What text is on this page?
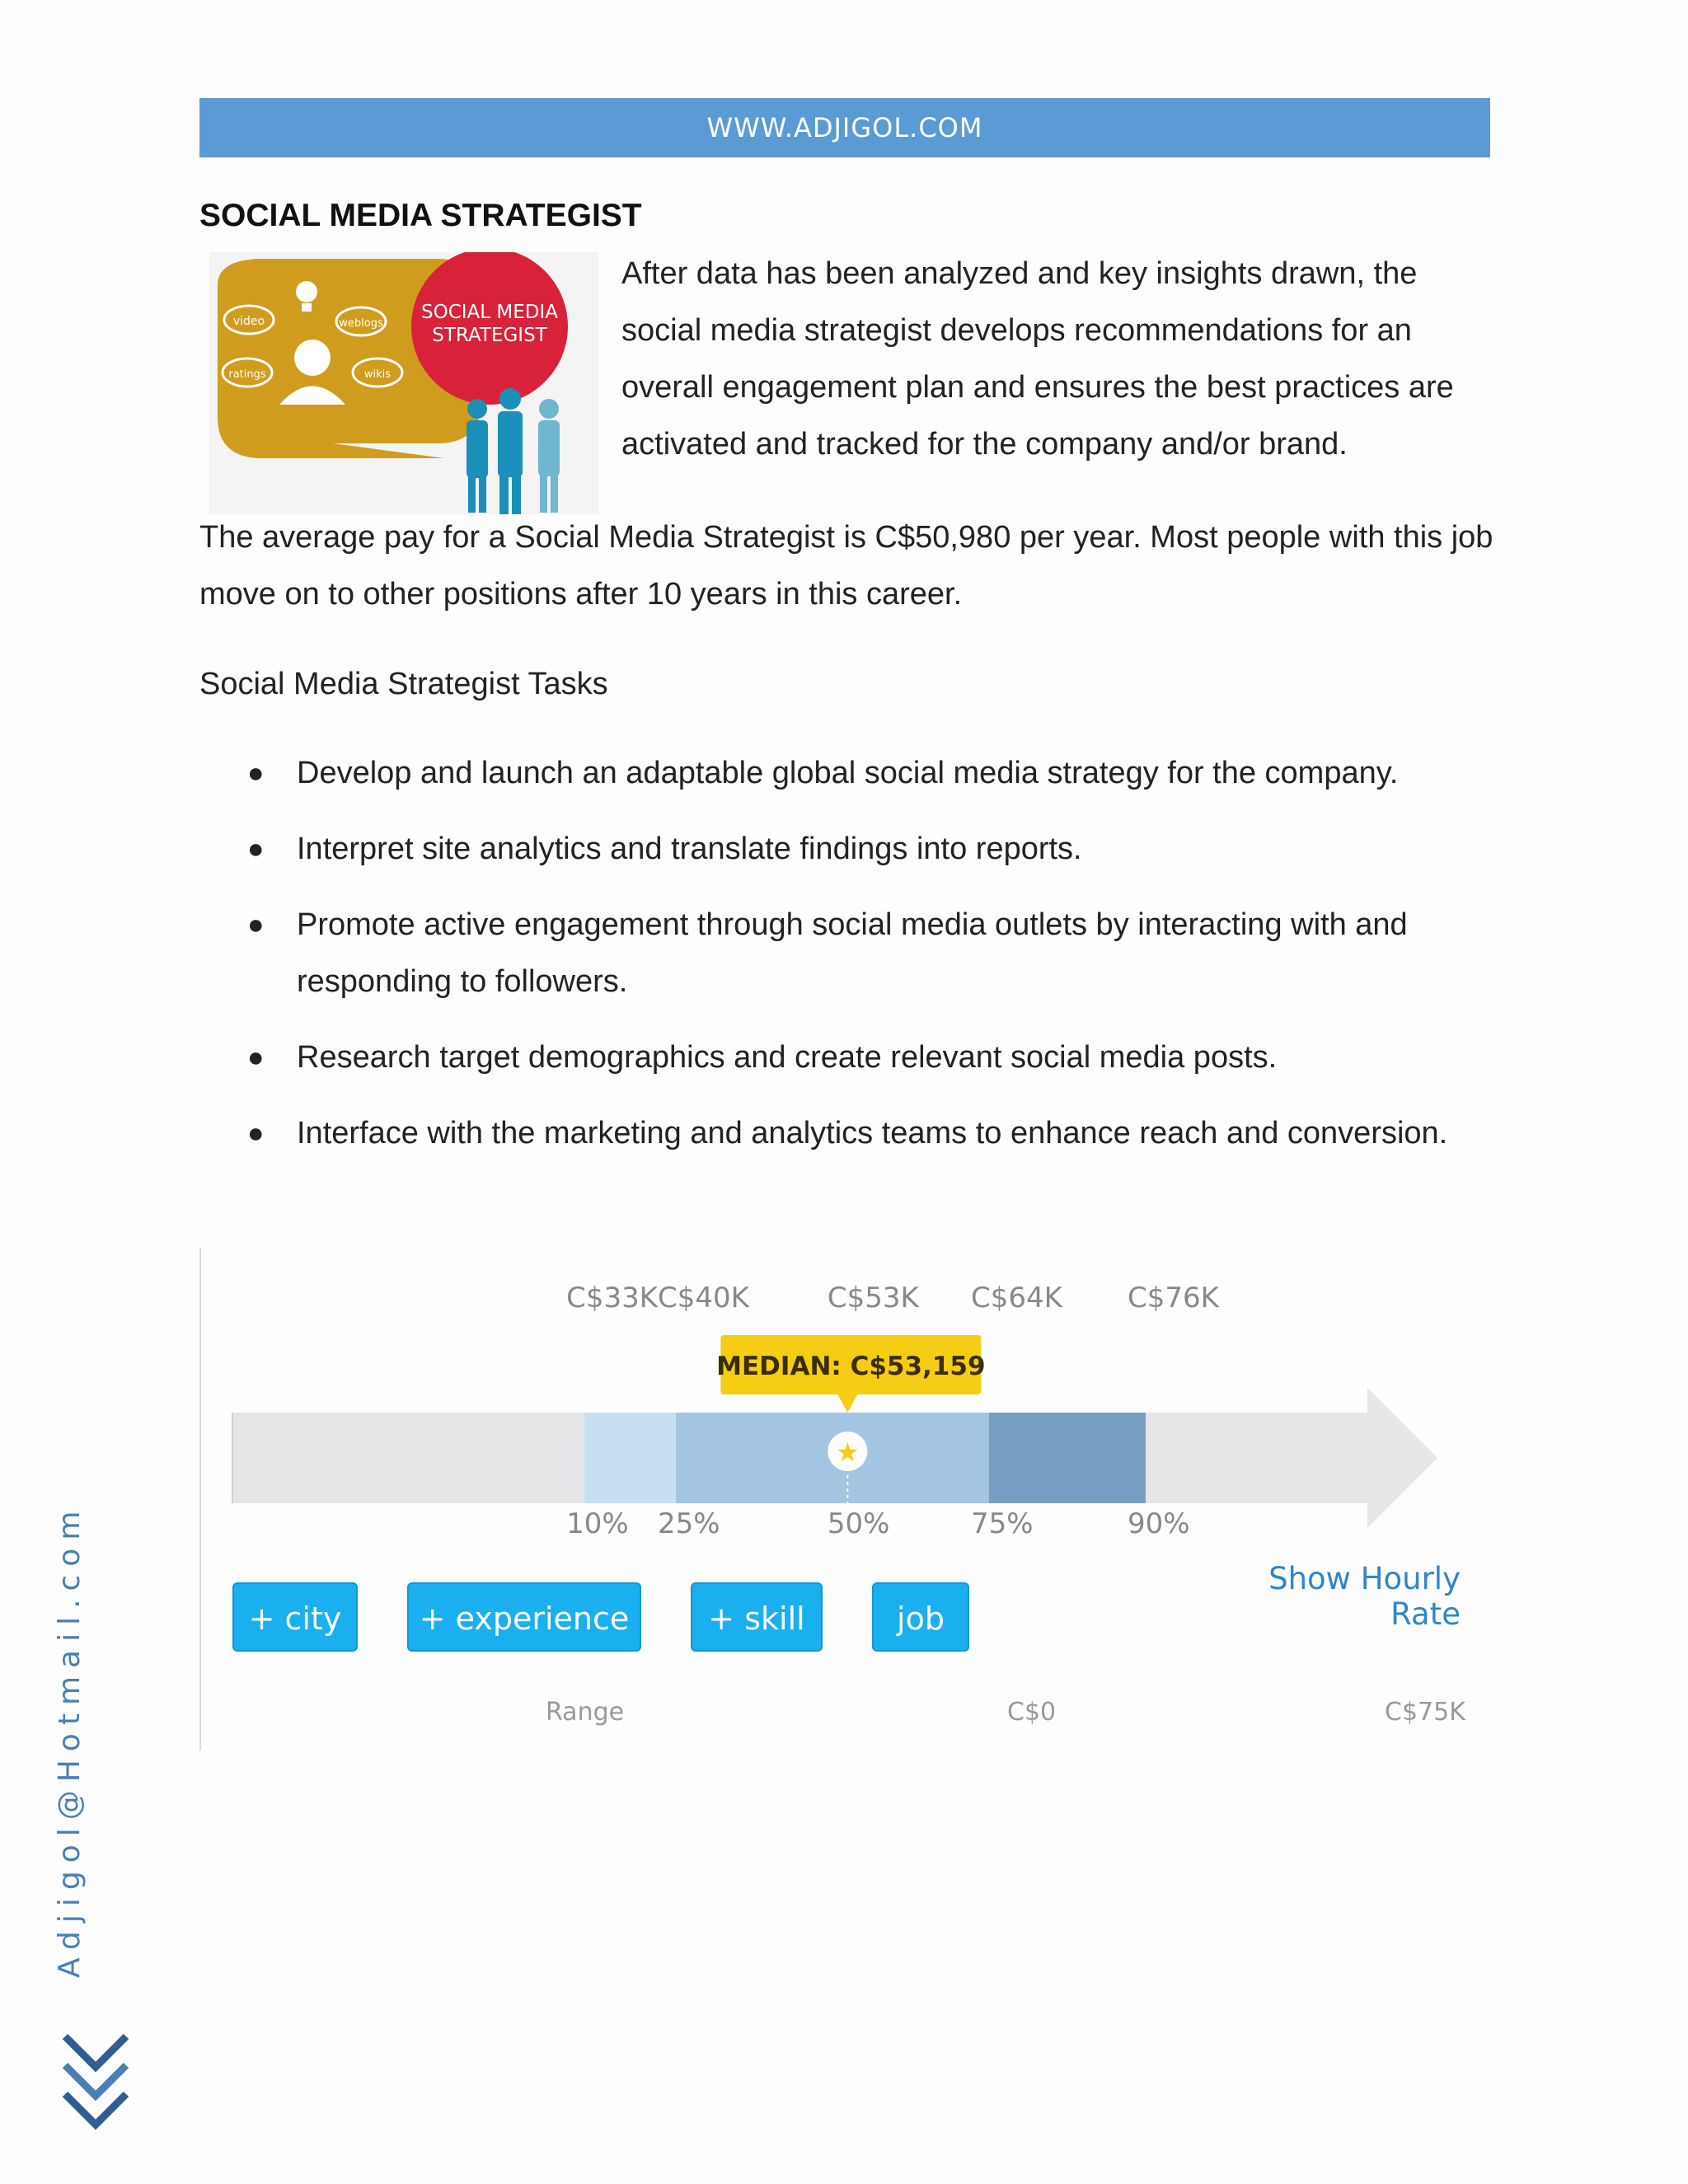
WWW.ADJIGOL.COM
SOCIAL MEDIA STRATEGIST
SOCIAL MEDIA
STRATEGIST
video	weblogs
ratings	wikis

After data has been analyzed and key insights drawn, the social media strategist develops recommendations for an overall engagement plan and ensures the best practices are activated and tracked for the company and/or brand.

The average pay for a Social Media Strategist is C$50,980 per year. Most people with this job move on to other positions after 10 years in this career.

Social Media Strategist Tasks

● Develop and launch an adaptable global social media strategy for the company.
● Interpret site analytics and translate findings into reports.
● Promote active engagement through social media outlets by interacting with and responding to followers.
● Research target demographics and create relevant social media posts.
● Interface with the marketing and analytics teams to enhance reach and conversion.
C$33K C$40K	C$53K C$64K C$76K
10% 25%	50%	75%	90%
MEDIAN: C$53,159
★
+ city	+ experience	+ skill	job
Show Hourly Rate
Range	C$0	C$75K
Adjigol@Hotmail.com
